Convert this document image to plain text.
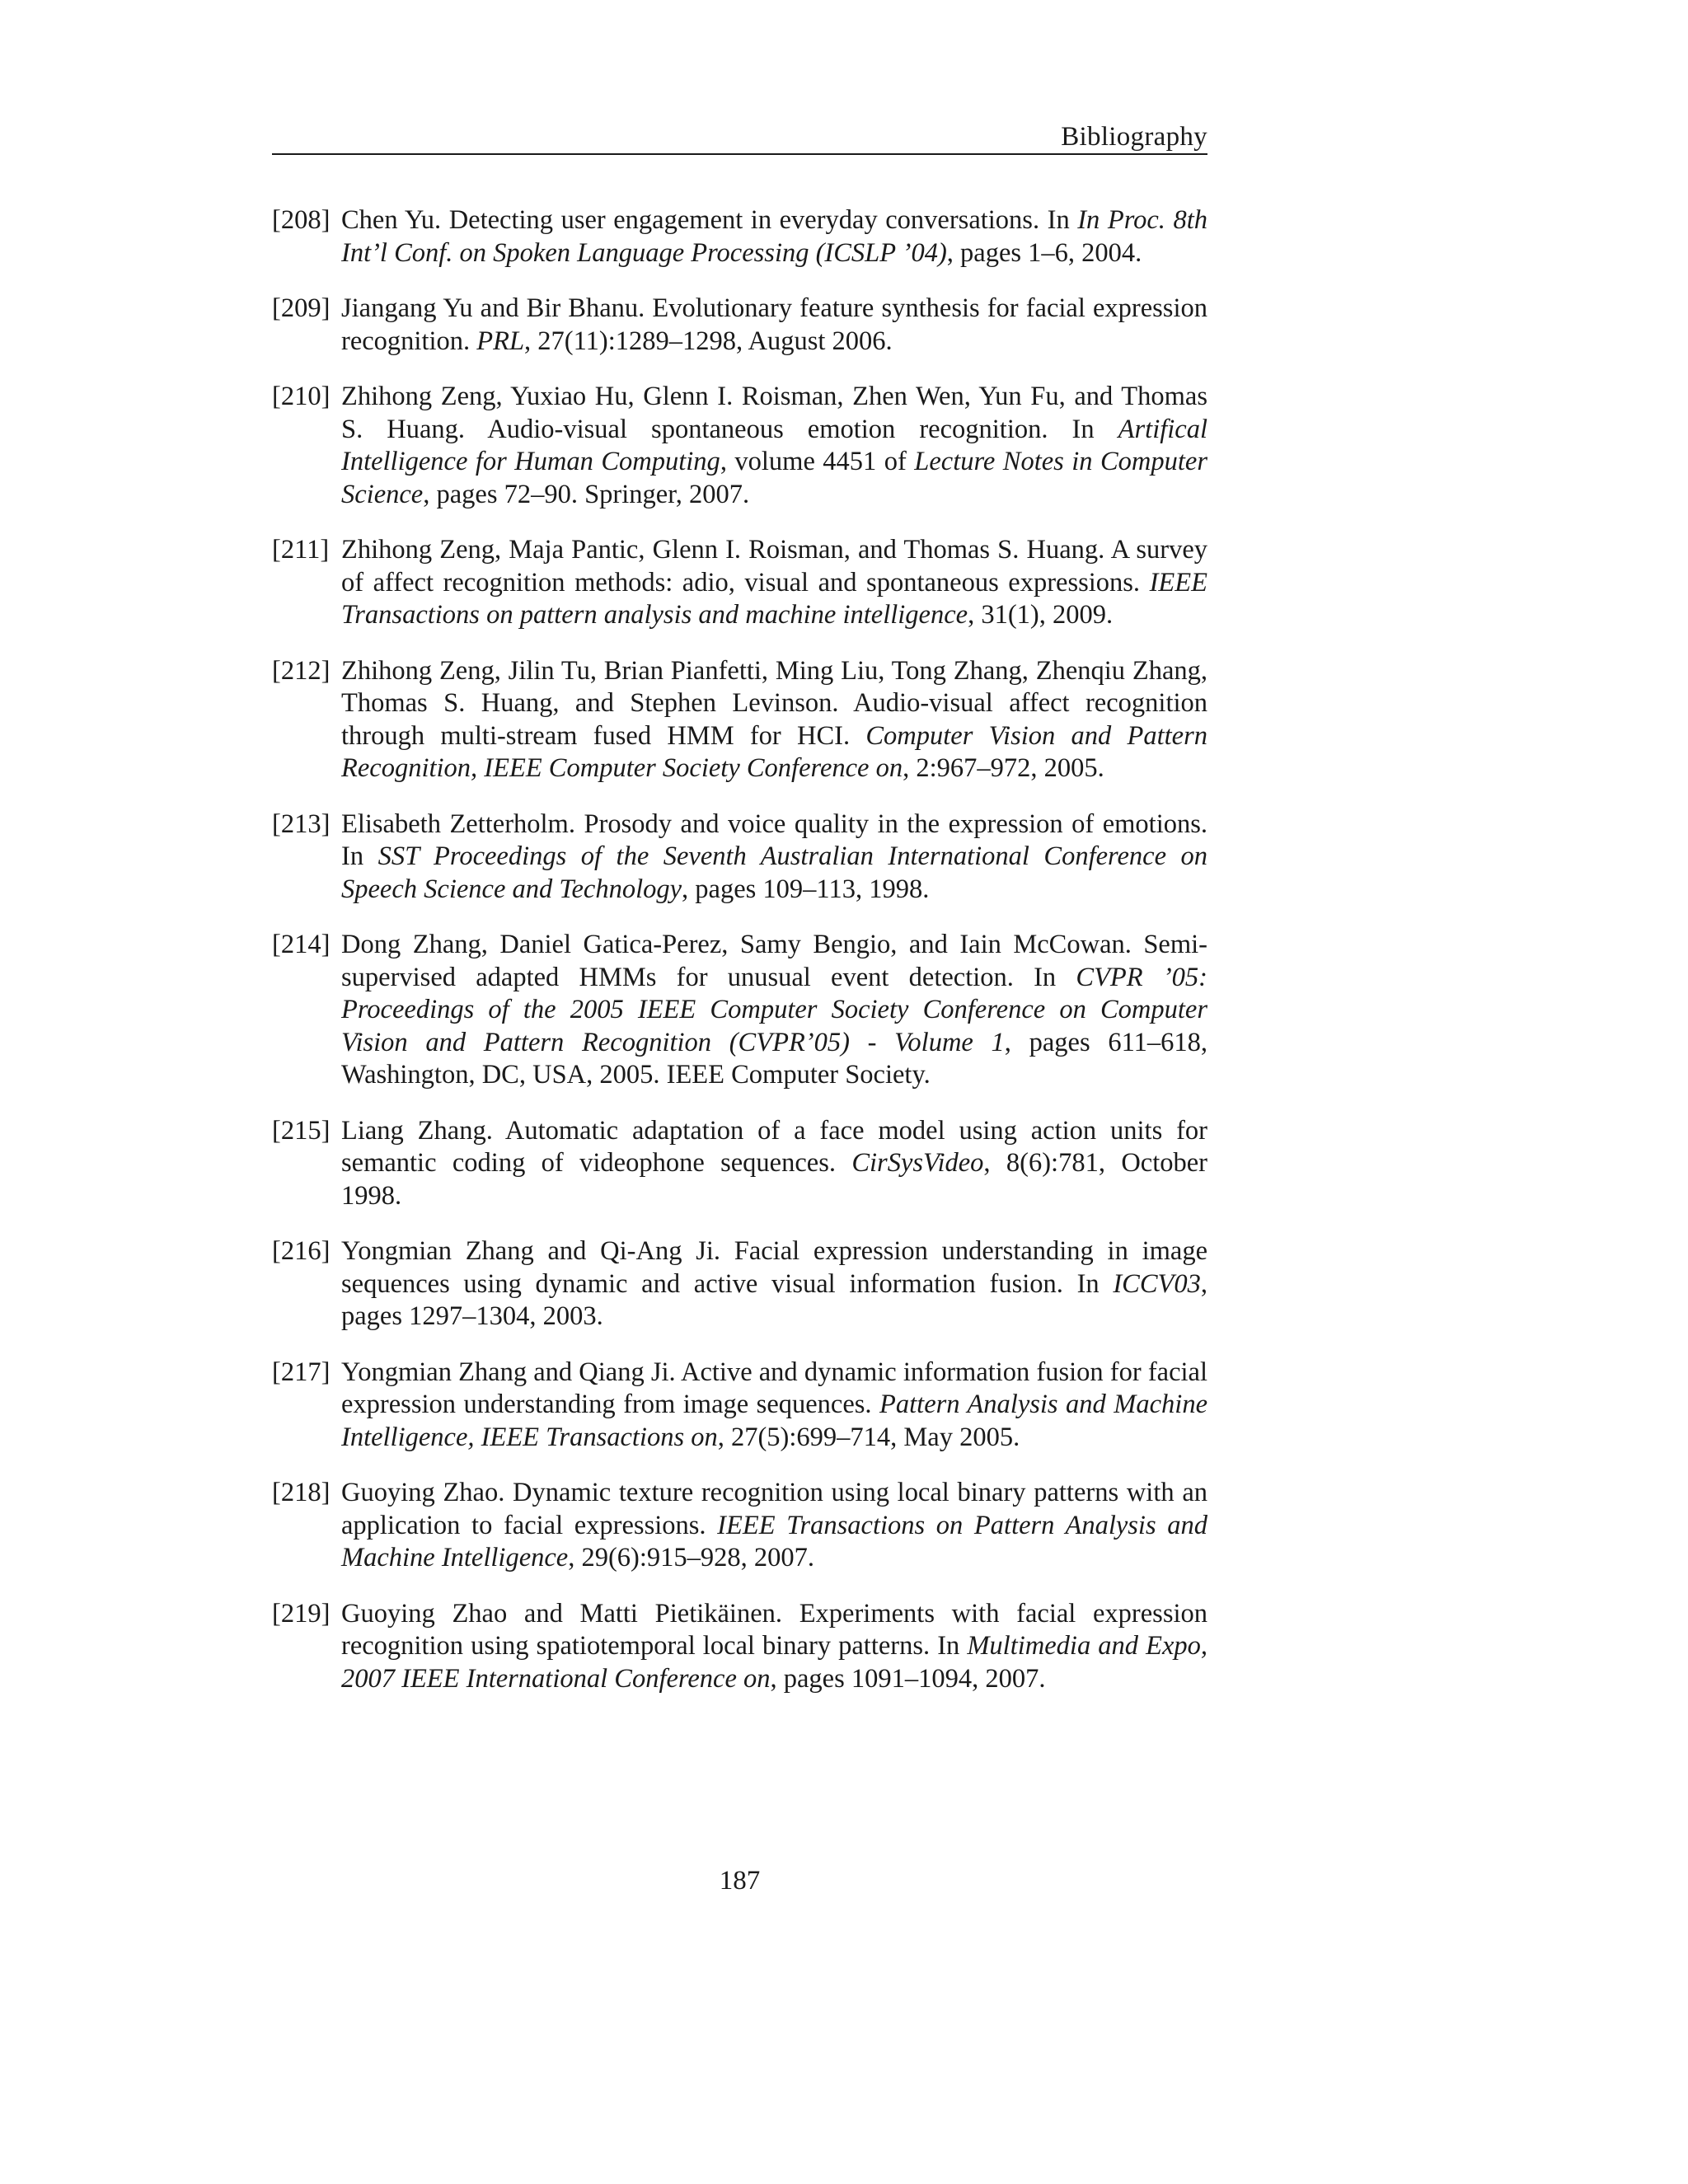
Bibliography
[208] Chen Yu. Detecting user engagement in everyday conversations. In In Proc. 8th Int’l Conf. on Spoken Language Processing (ICSLP ’04), pages 1–6, 2004.
[209] Jiangang Yu and Bir Bhanu. Evolutionary feature synthesis for facial expression recognition. PRL, 27(11):1289–1298, August 2006.
[210] Zhihong Zeng, Yuxiao Hu, Glenn I. Roisman, Zhen Wen, Yun Fu, and Thomas S. Huang. Audio-visual spontaneous emotion recognition. In Artifical Intelligence for Human Computing, volume 4451 of Lecture Notes in Computer Science, pages 72–90. Springer, 2007.
[211] Zhihong Zeng, Maja Pantic, Glenn I. Roisman, and Thomas S. Huang. A survey of affect recognition methods: adio, visual and spontaneous expressions. IEEE Transactions on pattern analysis and machine intelligence, 31(1), 2009.
[212] Zhihong Zeng, Jilin Tu, Brian Pianfetti, Ming Liu, Tong Zhang, Zhenqiu Zhang, Thomas S. Huang, and Stephen Levinson. Audio-visual affect recognition through multi-stream fused HMM for HCI. Computer Vision and Pattern Recognition, IEEE Computer Society Conference on, 2:967–972, 2005.
[213] Elisabeth Zetterholm. Prosody and voice quality in the expression of emotions. In SST Proceedings of the Seventh Australian International Conference on Speech Science and Technology, pages 109–113, 1998.
[214] Dong Zhang, Daniel Gatica-Perez, Samy Bengio, and Iain McCowan. Semi-supervised adapted HMMs for unusual event detection. In CVPR ’05: Proceedings of the 2005 IEEE Computer Society Conference on Computer Vision and Pattern Recognition (CVPR’05) - Volume 1, pages 611–618, Washington, DC, USA, 2005. IEEE Computer Society.
[215] Liang Zhang. Automatic adaptation of a face model using action units for semantic coding of videophone sequences. CirSysVideo, 8(6):781, October 1998.
[216] Yongmian Zhang and Qi-Ang Ji. Facial expression understanding in image sequences using dynamic and active visual information fusion. In ICCV03, pages 1297–1304, 2003.
[217] Yongmian Zhang and Qiang Ji. Active and dynamic information fusion for facial expression understanding from image sequences. Pattern Analysis and Machine Intelligence, IEEE Transactions on, 27(5):699–714, May 2005.
[218] Guoying Zhao. Dynamic texture recognition using local binary patterns with an application to facial expressions. IEEE Transactions on Pattern Analysis and Machine Intelligence, 29(6):915–928, 2007.
[219] Guoying Zhao and Matti Pietikäinen. Experiments with facial expression recognition using spatiotemporal local binary patterns. In Multimedia and Expo, 2007 IEEE International Conference on, pages 1091–1094, 2007.
187
